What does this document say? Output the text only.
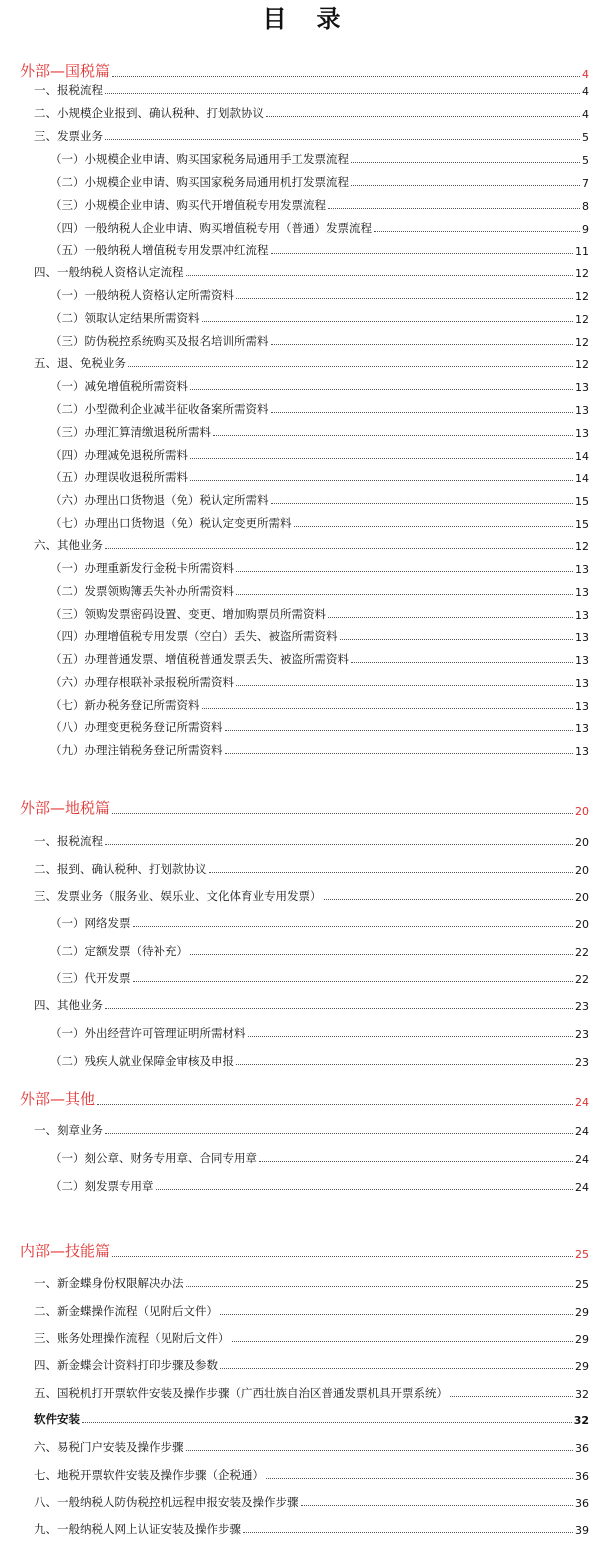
目录
外部—国税篇	4
一、报税流程	4
二、小规模企业报到、确认税种、打划款协议	4
三、发票业务	5
（一）小规模企业申请、购买国家税务局通用手工发票流程	5
（二）小规模企业申请、购买国家税务局通用机打发票流程	7
（三）小规模企业申请、购买代开增值税专用发票流程	8
（四）一般纳税人企业申请、购买增值税专用（普通）发票流程	9
（五）一般纳税人增值税专用发票冲红流程	11
四、一般纳税人资格认定流程	12
（一）一般纳税人资格认定所需资料	12
（二）领取认定结果所需资料	12
（三）防伪税控系统购买及报名培训所需料	12
五、退、免税业务	12
（一）减免增值税所需资料	13
（二）小型微利企业减半征收备案所需资料	13
（三）办理汇算清缴退税所需料	13
（四）办理减免退税所需料	14
（五）办理误收退税所需料	14
（六）办理出口货物退（免）税认定所需料	15
（七）办理出口货物退（免）税认定变更所需料	15
六、其他业务	12
（一）办理重新发行金税卡所需资料	13
（二）发票领购簿丢失补办所需资料	13
（三）领购发票密码设置、变更、增加购票员所需资料	13
（四）办理增值税专用发票（空白）丢失、被盗所需资料	13
（五）办理普通发票、增值税普通发票丢失、被盗所需资料	13
（六）办理存根联补录报税所需资料	13
（七）新办税务登记所需资料	13
（八）办理变更税务登记所需资料	13
（九）办理注销税务登记所需资料	13
外部—地税篇	20
一、报税流程	20
二、报到、确认税种、打划款协议	20
三、发票业务（服务业、娱乐业、文化体育业专用发票）	20
（一）网络发票	20
（二）定额发票（待补充）	22
（三）代开发票	22
四、其他业务	23
（一）外出经营许可管理证明所需材料	23
（二）残疾人就业保障金审核及申报	23
外部—其他	24
一、刻章业务	24
（一）刻公章、财务专用章、合同专用章	24
（二）刻发票专用章	24
内部—技能篇	25
一、新金蝶身份权限解决办法	25
二、新金蝶操作流程（见附后文件）	29
三、账务处理操作流程（见附后文件）	29
四、新金蝶会计资料打印步骤及参数	29
五、国税机打开票软件安装及操作步骤（广西壮族自治区普通发票机具开票系统）	32
软件安装	32
六、易税门户安装及操作步骤	36
七、地税开票软件安装及操作步骤（企税通）	36
八、一般纳税人防伪税控机远程申报安装及操作步骤	36
九、一般纳税人网上认证安装及操作步骤	39
